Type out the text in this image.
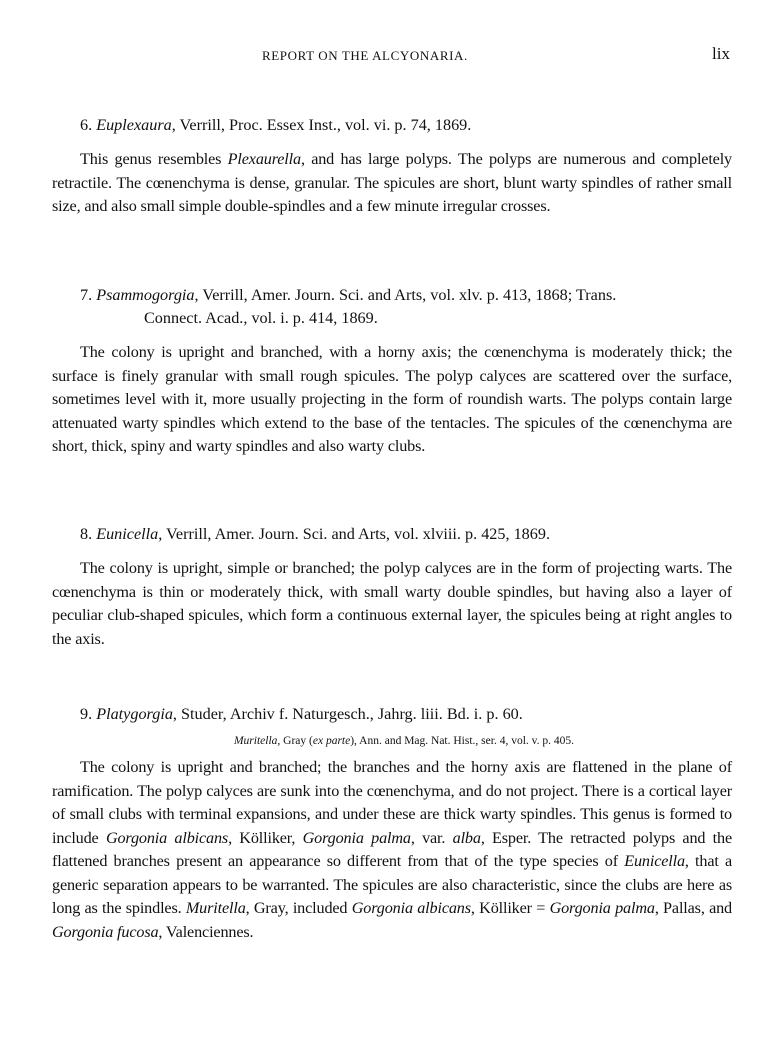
REPORT ON THE ALCYONARIA.	lix

6. Euplexaura, Verrill, Proc. Essex Inst., vol. vi. p. 74, 1869.

This genus resembles Plexaurella, and has large polyps. The polyps are numerous and completely retractile. The cœnenchyma is dense, granular. The spicules are short, blunt warty spindles of rather small size, and also small simple double-spindles and a few minute irregular crosses.

7. Psammogorgia, Verrill, Amer. Journ. Sci. and Arts, vol. xlv. p. 413, 1868; Trans.
Connect. Acad., vol. i. p. 414, 1869.

The colony is upright and branched, with a horny axis; the cœnenchyma is moderately thick; the surface is finely granular with small rough spicules. The polyp calyces are scattered over the surface, sometimes level with it, more usually projecting in the form of roundish warts. The polyps contain large attenuated warty spindles which extend to the base of the tentacles. The spicules of the cœnenchyma are short, thick, spiny and warty spindles and also warty clubs.

8. Eunicella, Verrill, Amer. Journ. Sci. and Arts, vol. xlviii. p. 425, 1869.

The colony is upright, simple or branched; the polyp calyces are in the form of projecting warts. The cœnenchyma is thin or moderately thick, with small warty double spindles, but having also a layer of peculiar club-shaped spicules, which form a continuous external layer, the spicules being at right angles to the axis.

9. Platygorgia, Studer, Archiv f. Naturgesch., Jahrg. liii. Bd. i. p. 60.

Muritella, Gray (ex parte), Ann. and Mag. Nat. Hist., ser. 4, vol. v. p. 405.

The colony is upright and branched; the branches and the horny axis are flattened in the plane of ramification. The polyp calyces are sunk into the cœnenchyma, and do not project. There is a cortical layer of small clubs with terminal expansions, and under these are thick warty spindles. This genus is formed to include Gorgonia albicans, Kölliker, Gorgonia palma, var. alba, Esper. The retracted polyps and the flattened branches present an appearance so different from that of the type species of Eunicella, that a generic separation appears to be warranted. The spicules are also characteristic, since the clubs are here as long as the spindles. Muritella, Gray, included Gorgonia albicans, Kölliker = Gorgonia palma, Pallas, and Gorgonia fucosa, Valenciennes.
